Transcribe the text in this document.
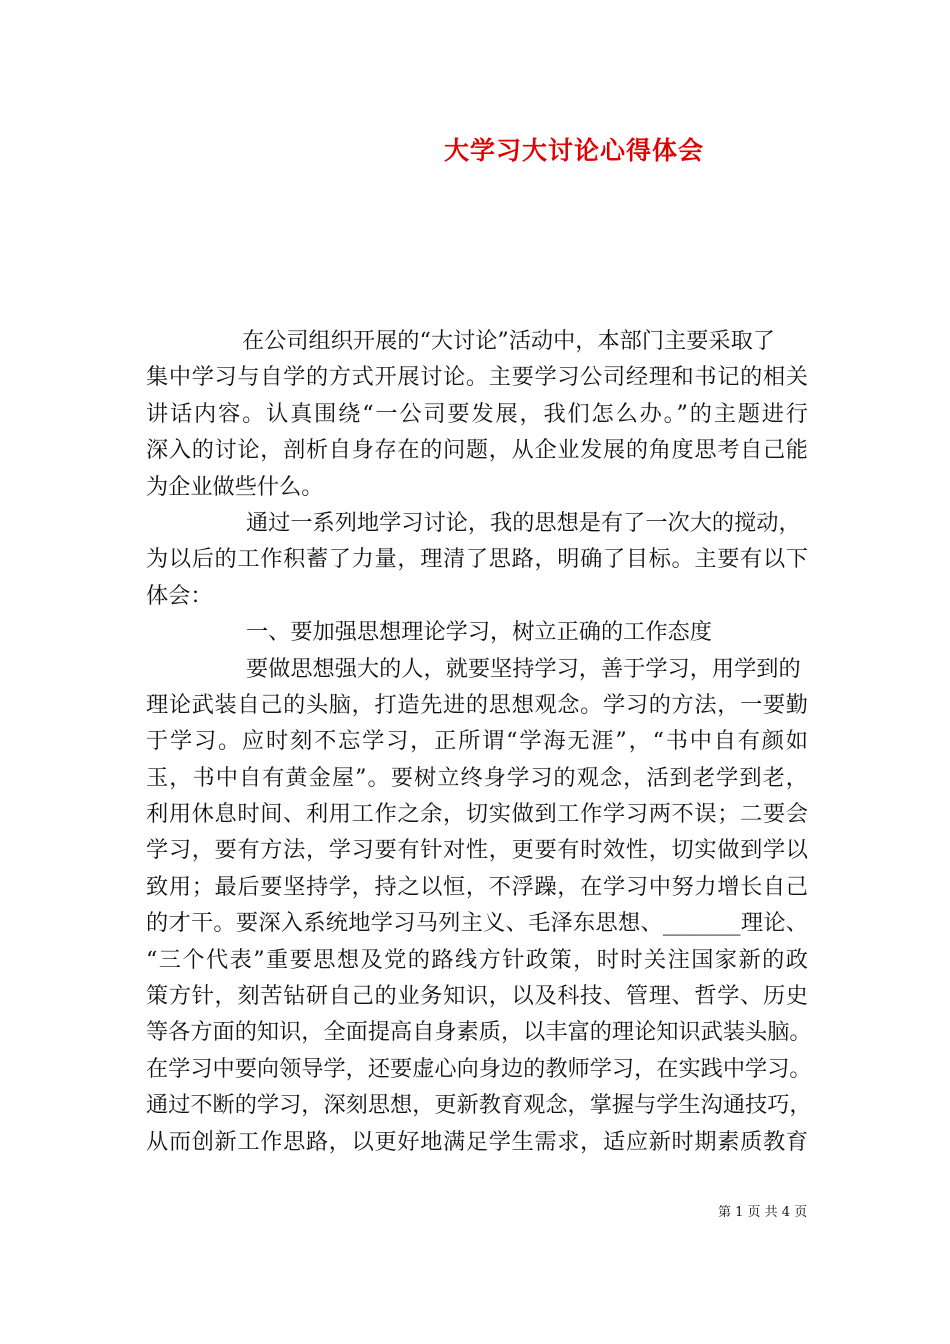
大学习大讨论心得体会
在公司组织开展的“大讨论”活动中，本部门主要采取了
集中学习与自学的方式开展讨论。主要学习公司经理和书记的相关
讲话内容。认真围绕“一公司要发展，我们怎么办。”的主题进行
深入的讨论，剖析自身存在的问题，从企业发展的角度思考自己能
为企业做些什么。
通过一系列地学习讨论，我的思想是有了一次大的搅动，
为以后的工作积蓄了力量，理清了思路，明确了目标。主要有以下
体会：
一、要加强思想理论学习，树立正确的工作态度
要做思想强大的人，就要坚持学习，善于学习，用学到的
理论武装自己的头脑，打造先进的思想观念。学习的方法，一要勤
于学习。应时刻不忘学习，正所谓“学海无涯”，“书中自有颜如
玉，书中自有黄金屋”。要树立终身学习的观念，活到老学到老，
利用休息时间、利用工作之余，切实做到工作学习两不误；二要会
学习，要有方法，学习要有针对性，更要有时效性，切实做到学以
致用；最后要坚持学，持之以恒，不浮躁，在学习中努力增长自己
的才干。要深入系统地学习马列主义、毛泽东思想、_______理论、
“三个代表”重要思想及党的路线方针政策，时时关注国家新的政
策方针，刻苦钻研自己的业务知识，以及科技、管理、哲学、历史
等各方面的知识，全面提高自身素质，以丰富的理论知识武装头脑。
在学习中要向领导学，还要虚心向身边的教师学习，在实践中学习。
通过不断的学习，深刻思想，更新教育观念，掌握与学生沟通技巧，
从而创新工作思路，以更好地满足学生需求，适应新时期素质教育
第 1 页 共 4 页
